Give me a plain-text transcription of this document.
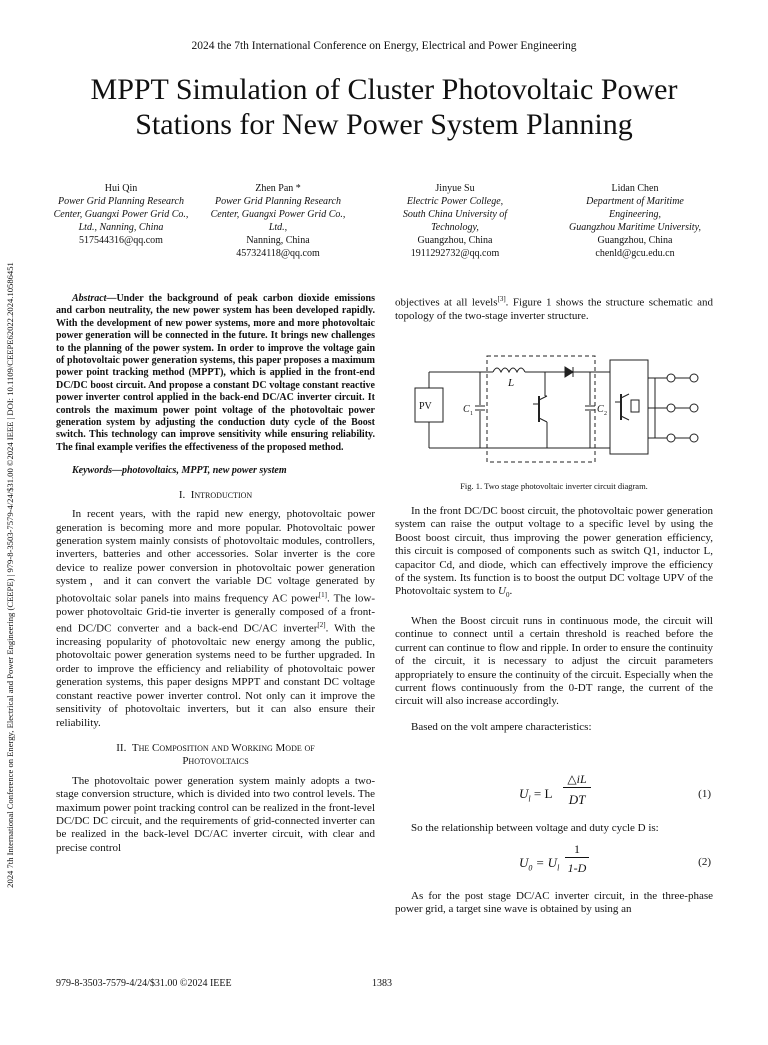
2024 the 7th International Conference on Energy, Electrical and Power Engineering
MPPT Simulation of Cluster Photovoltaic Power
Stations for New Power System Planning
Hui Qin
Power Grid Planning Research
Center, Guangxi Power Grid Co.,
Ltd., Nanning, China
517544316@qq.com
Zhen Pan *
Power Grid Planning Research
Center, Guangxi Power Grid Co.,
Ltd.,
Nanning, China
457324118@qq.com
Jinyue Su
Electric Power College,
South China University of
Technology,
Guangzhou, China
1911292732@qq.com
Lidan Chen
Department of Maritime
Engineering,
Guangzhou Maritime University,
Guangzhou, China
chenld@gcu.edu.cn
2024 7th International Conference on Energy, Electrical and Power Engineering (CEEPE) | 979-8-3503-7579-4/24/$31.00 ©2024 IEEE | DOI: 10.1109/CEEPE62022.2024.10586451	Abstract—Under the background of peak carbon dioxide emissions and carbon neutrality, the new power system has been developed rapidly. With the development of new power systems, more and more photovoltaic power generation will be connected in the future. It brings new challenges to the planning of the power system. In order to improve the voltage gain of photovoltaic power generation systems, this paper proposes a maximum power point tracking method (MPPT), which is applied in the front-end DC/DC boost circuit. And propose a constant DC voltage constant reactive power inverter control applied in the back-end DC/AC inverter circuit. It controls the maximum power point voltage of the photovoltaic power generation system by adjusting the conduction duty cycle of the Boost switch. This technology can improve sensitivity while ensuring reliability. The final example verifies the effectiveness of the proposed method.

Keywords—photovoltaics, MPPT, new power system

I. Introduction

In recent years, with the rapid new energy, photovoltaic power generation is becoming more and more popular. Photovoltaic power generation system mainly consists of photovoltaic modules, controllers, inverters, batteries and other accessories. Solar inverter is the core device to realize power conversion in photovoltaic power generation system，and it can convert the variable DC voltage generated by photovoltaic solar panels into mains frequency AC power[1]. The low-power photovoltaic Grid-tie inverter is generally composed of a front-end DC/DC converter and a back-end DC/AC inverter[2]. With the increasing popularity of photovoltaic new energy among the public, photovoltaic power generation systems need to be further upgraded. In order to improve the efficiency and reliability of photovoltaic power generation systems, this paper designs MPPT and constant DC voltage constant reactive power inverter control. Not only can it improve the sensitivity of photovoltaic inverters, but it can also ensure their reliability.

II. The Composition and Working Mode of
Photovoltaics

The photovoltaic power generation system mainly adopts a two-stage conversion structure, which is divided into two control levels. The maximum power point tracking control can be realized in the front-level DC/DC DC circuit, and the requirements of grid-connected inverter can be realized in the back-level DC/AC inverter circuit, with clear and precise control

objectives at all levels[3]. Figure 1 shows the structure schematic and topology of the two-stage inverter structure.

PV	C 1
L
C 2
Fig. 1. Two stage photovoltaic inverter circuit diagram.

In the front DC/DC boost circuit, the photovoltaic power generation system can raise the output voltage to a specific level by using the Boost boost circuit, thus improving the power generation efficiency, this circuit is composed of components such as switch Q1, inductor L, capacitor Cd, and diode, which can effectively improve the efficiency of the system. Its function is to boost the output DC voltage UPV of the Photovoltaic system to $U_0$.

When the Boost circuit runs in continuous mode, the circuit will continue to connect until a certain threshold is reached before the current can continue to flow and ripple. In order to ensure the continuity of the circuit, it is necessary to adjust the circuit parameters appropriately to ensure the continuity of the circuit. Especially when the current flows continuously from the 0-DT range, the current of the circuit will also increase accordingly.

Based on the volt ampere characteristics:

$U_l = L$
△iL
DT	(1)

So the relationship between voltage and duty cycle D is:

$U_0 = U_l$
1
1-D	(2)

As for the post stage DC/AC inverter circuit, in the three-phase power grid, a target sine wave is obtained by using an

979-8-3503-7579-4/24/$31.00 ©2024 IEEE	1383
